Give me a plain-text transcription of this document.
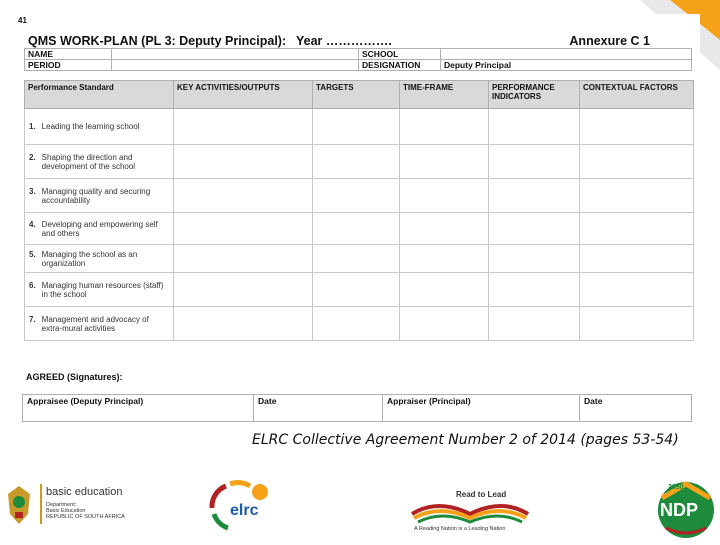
41
QMS WORK-PLAN (PL 3: Deputy Principal): Year …………….	Annexure C 1
NAME		SCHOOL	
PERIOD		DESIGNATION	Deputy Principal
Performance Standard	KEY ACTIVITIES/OUTPUTS	TARGETS	TIME-FRAME	PERFORMANCE INDICATORS	CONTEXTUAL FACTORS

1. Leading the learning school					

2. Shaping the direction and development of the school					

3. Managing quality and securing accountability					

4. Developing and empowering self and others					

5. Managing the school as an organization					

6. Managing human resources (staff) in the school					

7. Management and advocacy of extra-mural activities					

AGREED (Signatures):
Appraisee (Deputy Principal)	Date	Appraiser (Principal)	Date
ELRC Collective Agreement Number 2 of 2014 (pages 53-54)
basic education
Department:
Basic Education
REPUBLIC OF SOUTH AFRICA	elrc
Read to Lead
A Reading Nation is a Leading Nation
2030
NDP
